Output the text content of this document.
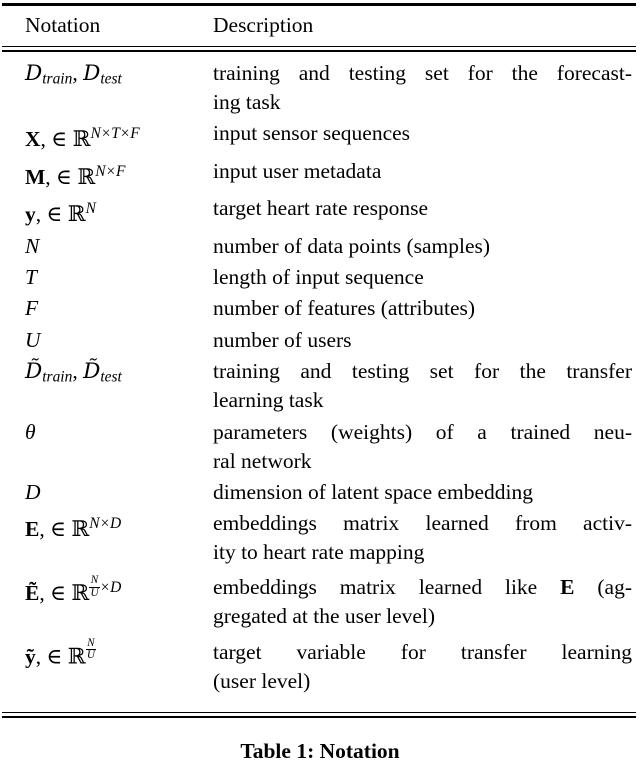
Notation	Description
$D_{train}$, $D_{test}$	training and testing set for the forecast-
ing task
X, ∈ ℝ$^{N\times T\times F}$	input sensor sequences
M, ∈ ℝ$^{N\times F}$	input user metadata
y, ∈ ℝ$^N$	target heart rate response
N	number of data points (samples)
T	length of input sequence
F	number of features (attributes)
U	number of users
$D̃_{train}$, $D̃_{test}$	training and testing set for the transfer
learning task
θ	parameters (weights) of a trained neu-
ral network
D	dimension of latent space embedding
E, ∈ ℝ$^{N\times D}$	embeddings matrix learned from activ-
ity to heart rate mapping
Ẽ, ∈ ℝ $\frac{N}{U} ^{\times D}$	embeddings matrix learned like E (ag-
gregated at the user level)
ỹ, ∈ ℝ $\frac{N}{U}$	target variable for transfer learning
(user level)
Table 1: Notation
